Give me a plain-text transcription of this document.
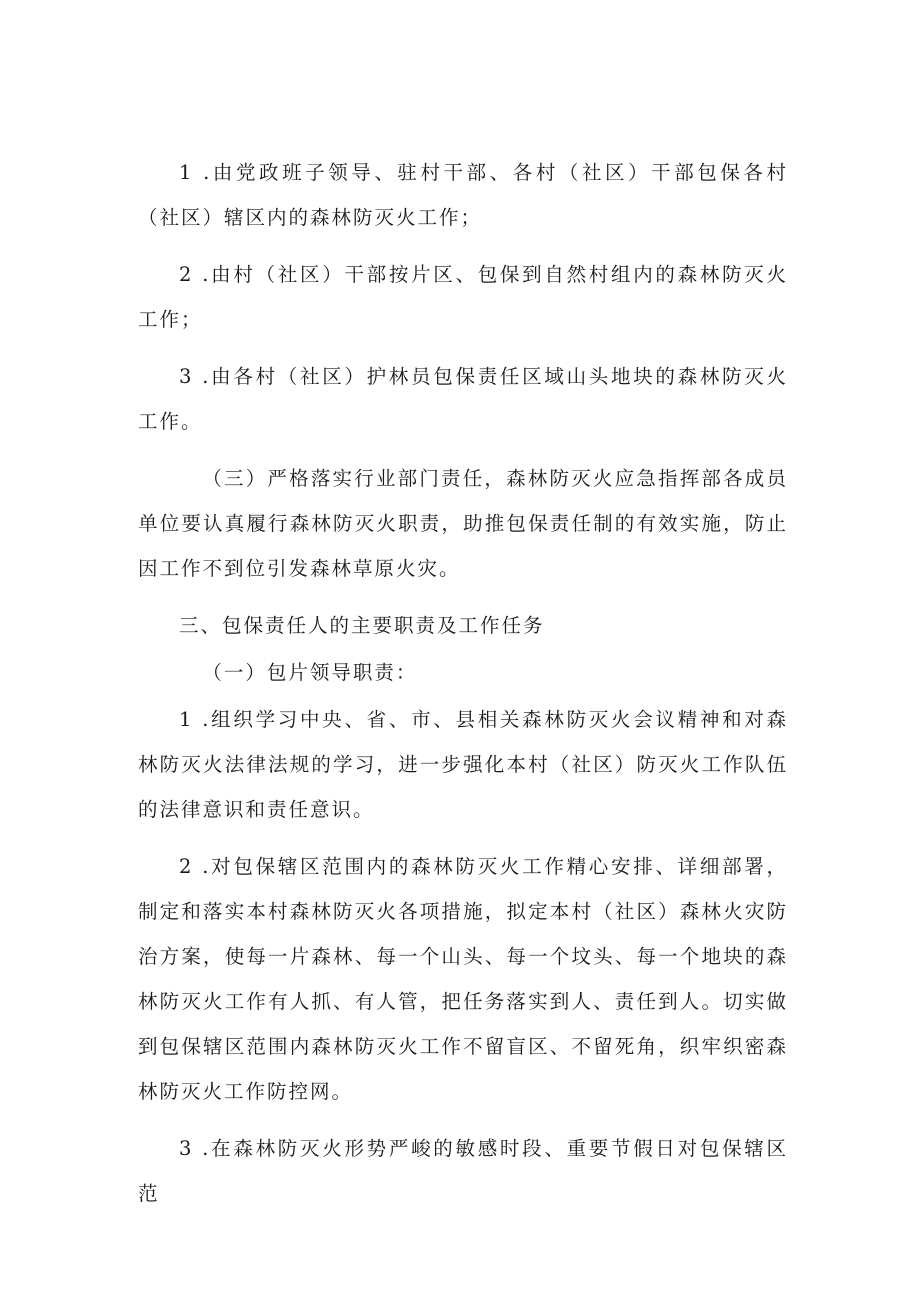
1 .由党政班子领导、驻村干部、各村（社区）干部包保各村（社区）辖区内的森林防灭火工作；

2 .由村（社区）干部按片区、包保到自然村组内的森林防灭火工作；

3 .由各村（社区）护林员包保责任区域山头地块的森林防灭火工作。

（三）严格落实行业部门责任，森林防灭火应急指挥部各成员单位要认真履行森林防灭火职责，助推包保责任制的有效实施，防止因工作不到位引发森林草原火灾。

三、包保责任人的主要职责及工作任务

（一）包片领导职责：

1 .组织学习中央、省、市、县相关森林防灭火会议精神和对森林防灭火法律法规的学习，进一步强化本村（社区）防灭火工作队伍的法律意识和责任意识。

2 .对包保辖区范围内的森林防灭火工作精心安排、详细部署，制定和落实本村森林防灭火各项措施，拟定本村（社区）森林火灾防治方案，使每一片森林、每一个山头、每一个坟头、每一个地块的森林防灭火工作有人抓、有人管，把任务落实到人、责任到人。切实做到包保辖区范围内森林防灭火工作不留盲区、不留死角，织牢织密森林防灭火工作防控网。

3 .在森林防灭火形势严峻的敏感时段、重要节假日对包保辖区范
